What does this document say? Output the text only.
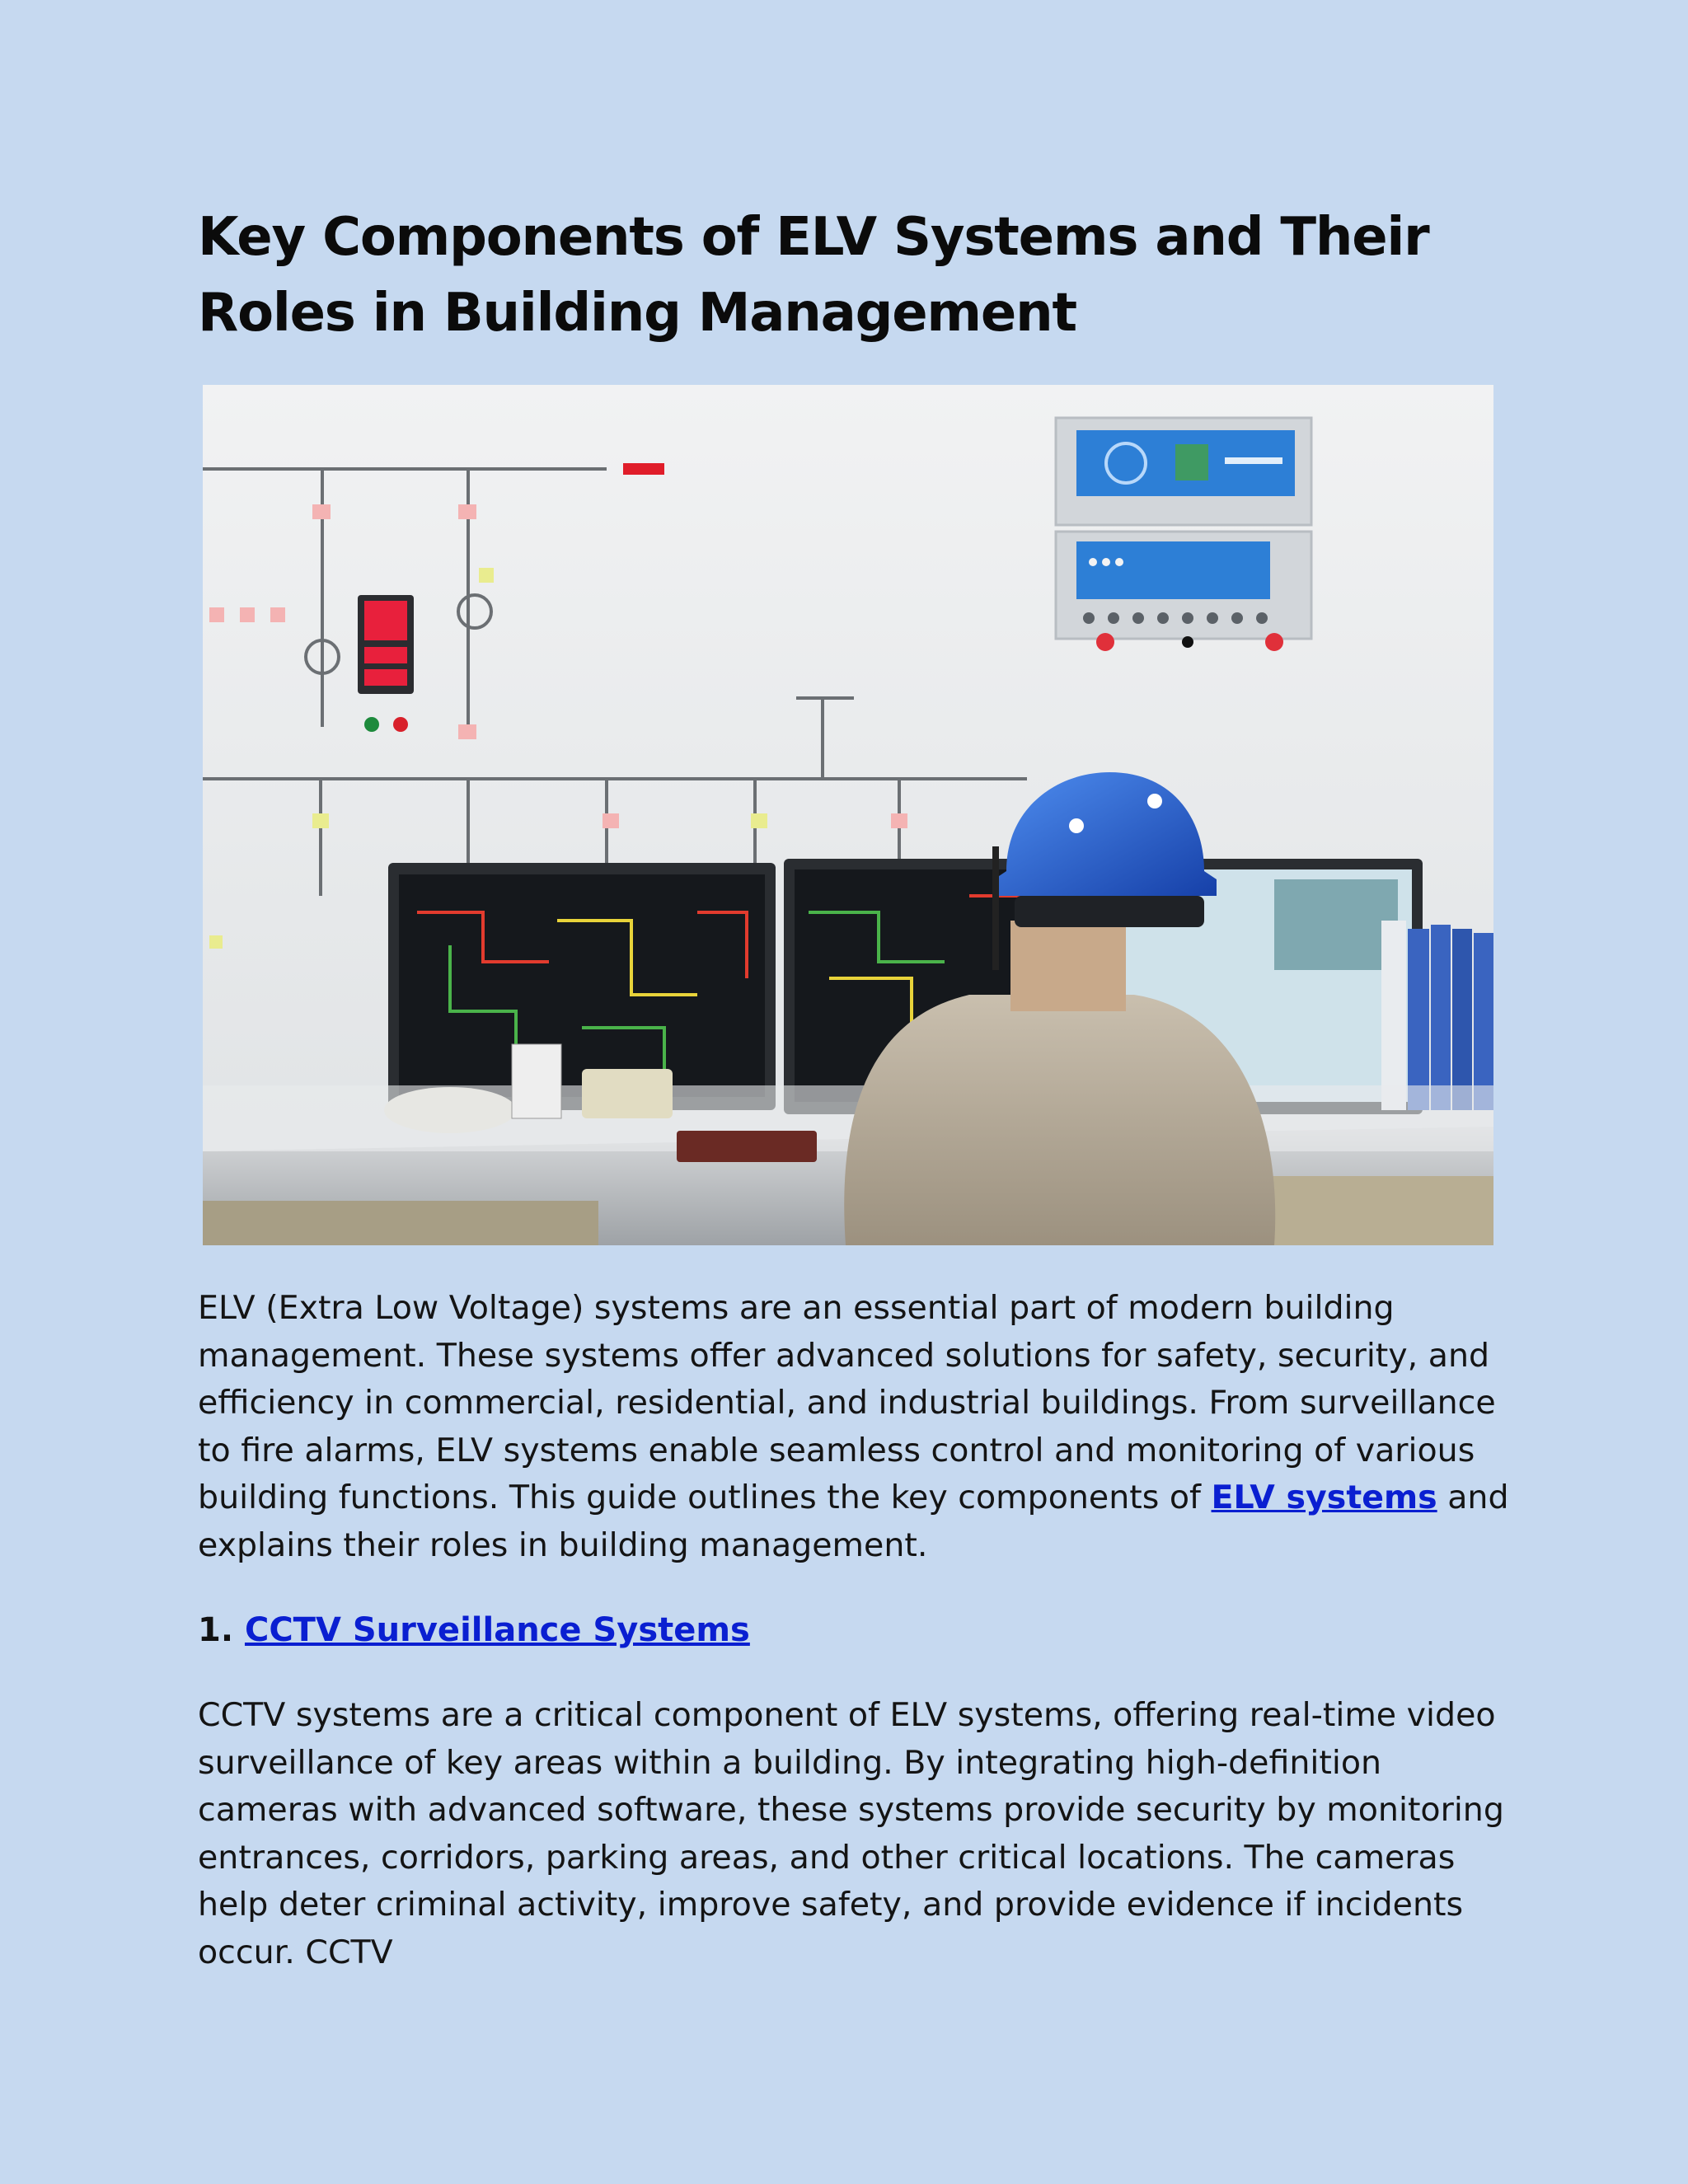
Key Components of ELV Systems and Their Roles in Building Management

ELV (Extra Low Voltage) systems are an essential part of modern building management. These systems offer advanced solutions for safety, security, and efficiency in commercial, residential, and industrial buildings. From surveillance to fire alarms, ELV systems enable seamless control and monitoring of various building functions. This guide outlines the key components of ELV systems and explains their roles in building management.

1. CCTV Surveillance Systems

CCTV systems are a critical component of ELV systems, offering real-time video surveillance of key areas within a building. By integrating high-definition cameras with advanced software, these systems provide security by monitoring entrances, corridors, parking areas, and other critical locations. The cameras help deter criminal activity, improve safety, and provide evidence if incidents occur. CCTV
